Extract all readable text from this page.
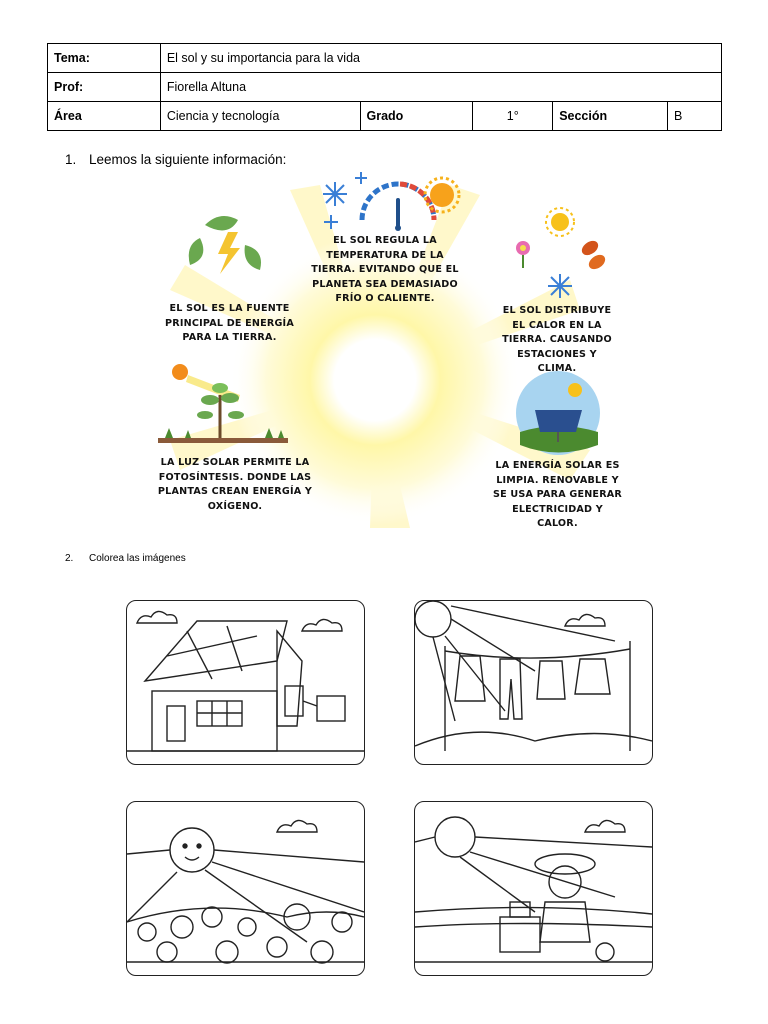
Tema:	El sol y su importancia para la vida				
Prof:	Fiorella Altuna				
Área	Ciencia y tecnología	Grado	1°	Sección	B
1. Leemos la siguiente información:
EL SOL REGULA LA TEMPERATURA DE LA TIERRA. EVITANDO QUE EL PLANETA SEA DEMASIADO FRÍO O CALIENTE.
EL SOL ES LA FUENTE PRINCIPAL DE ENERGÍA PARA LA TIERRA.
EL SOL DISTRIBUYE EL CALOR EN LA TIERRA. CAUSANDO ESTACIONES Y CLIMA.
LA LUZ SOLAR PERMITE LA FOTOSÍNTESIS. DONDE LAS PLANTAS CREAN ENERGÍA Y OXÍGENO.
LA ENERGÍA SOLAR ES LIMPIA. RENOVABLE Y SE USA PARA GENERAR ELECTRICIDAD Y CALOR.
2. Colorea las imágenes
